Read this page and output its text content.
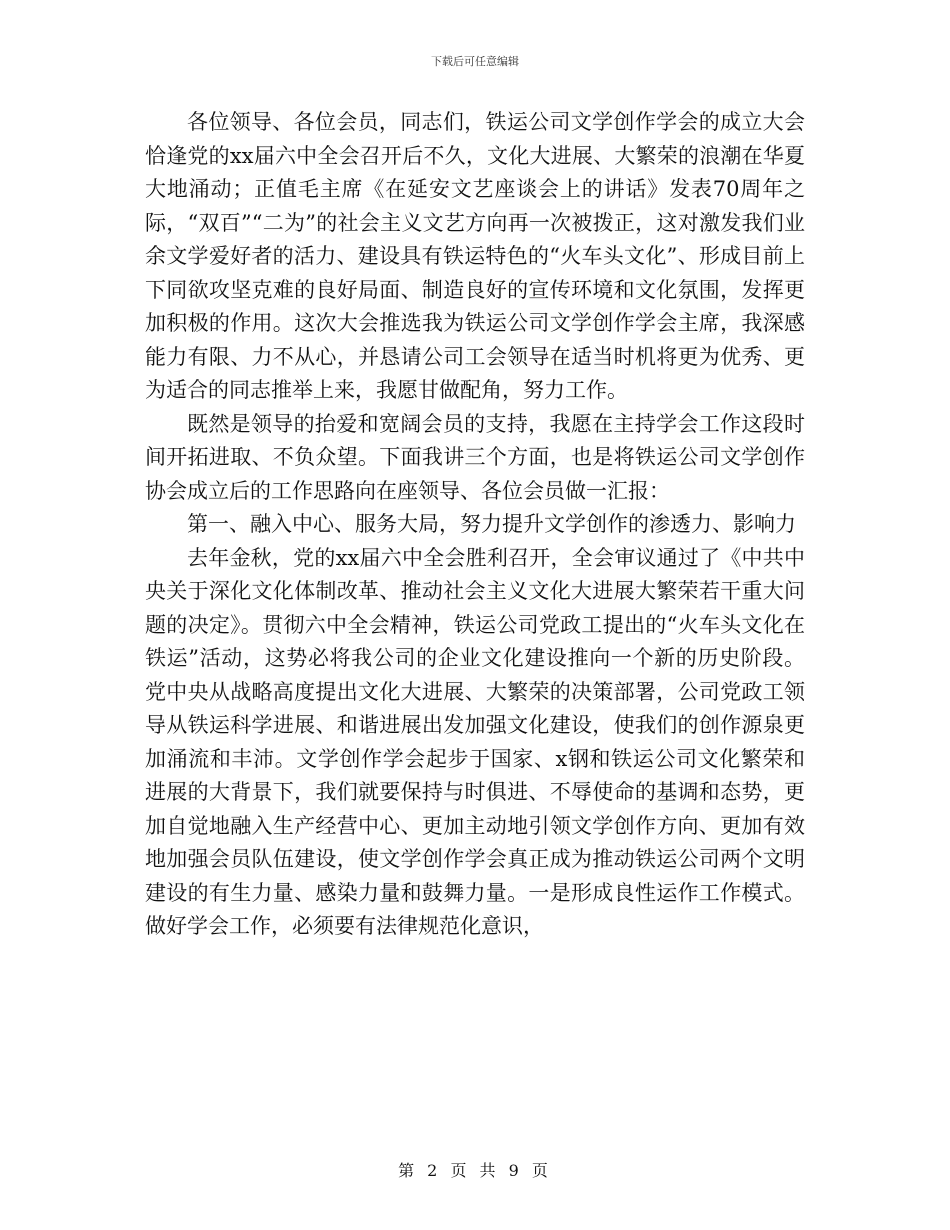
下载后可任意编辑

各位领导、各位会员，同志们，铁运公司文学创作学会的成立大会恰逢党的xx届六中全会召开后不久，文化大进展、大繁荣的浪潮在华夏大地涌动；正值毛主席《在延安文艺座谈会上的讲话》发表70周年之际，“双百”“二为”的社会主义文艺方向再一次被拨正，这对激发我们业余文学爱好者的活力、建设具有铁运特色的“火车头文化”、形成目前上下同欲攻坚克难的良好局面、制造良好的宣传环境和文化氛围，发挥更加积极的作用。这次大会推选我为铁运公司文学创作学会主席，我深感能力有限、力不从心，并恳请公司工会领导在适当时机将更为优秀、更为适合的同志推举上来，我愿甘做配角，努力工作。

既然是领导的抬爱和宽阔会员的支持，我愿在主持学会工作这段时间开拓进取、不负众望。下面我讲三个方面，也是将铁运公司文学创作协会成立后的工作思路向在座领导、各位会员做一汇报：

第一、融入中心、服务大局，努力提升文学创作的渗透力、影响力

去年金秋，党的xx届六中全会胜利召开，全会审议通过了《中共中央关于深化文化体制改革、推动社会主义文化大进展大繁荣若干重大问题的决定》。贯彻六中全会精神，铁运公司党政工提出的“火车头文化在铁运”活动，这势必将我公司的企业文化建设推向一个新的历史阶段。党中央从战略高度提出文化大进展、大繁荣的决策部署，公司党政工领导从铁运科学进展、和谐进展出发加强文化建设，使我们的创作源泉更加涌流和丰沛。文学创作学会起步于国家、x钢和铁运公司文化繁荣和进展的大背景下，我们就要保持与时俱进、不辱使命的基调和态势，更加自觉地融入生产经营中心、更加主动地引领文学创作方向、更加有效地加强会员队伍建设，使文学创作学会真正成为推动铁运公司两个文明建设的有生力量、感染力量和鼓舞力量。一是形成良性运作工作模式。做好学会工作，必须要有法律规范化意识，

第 2 页 共 9 页
